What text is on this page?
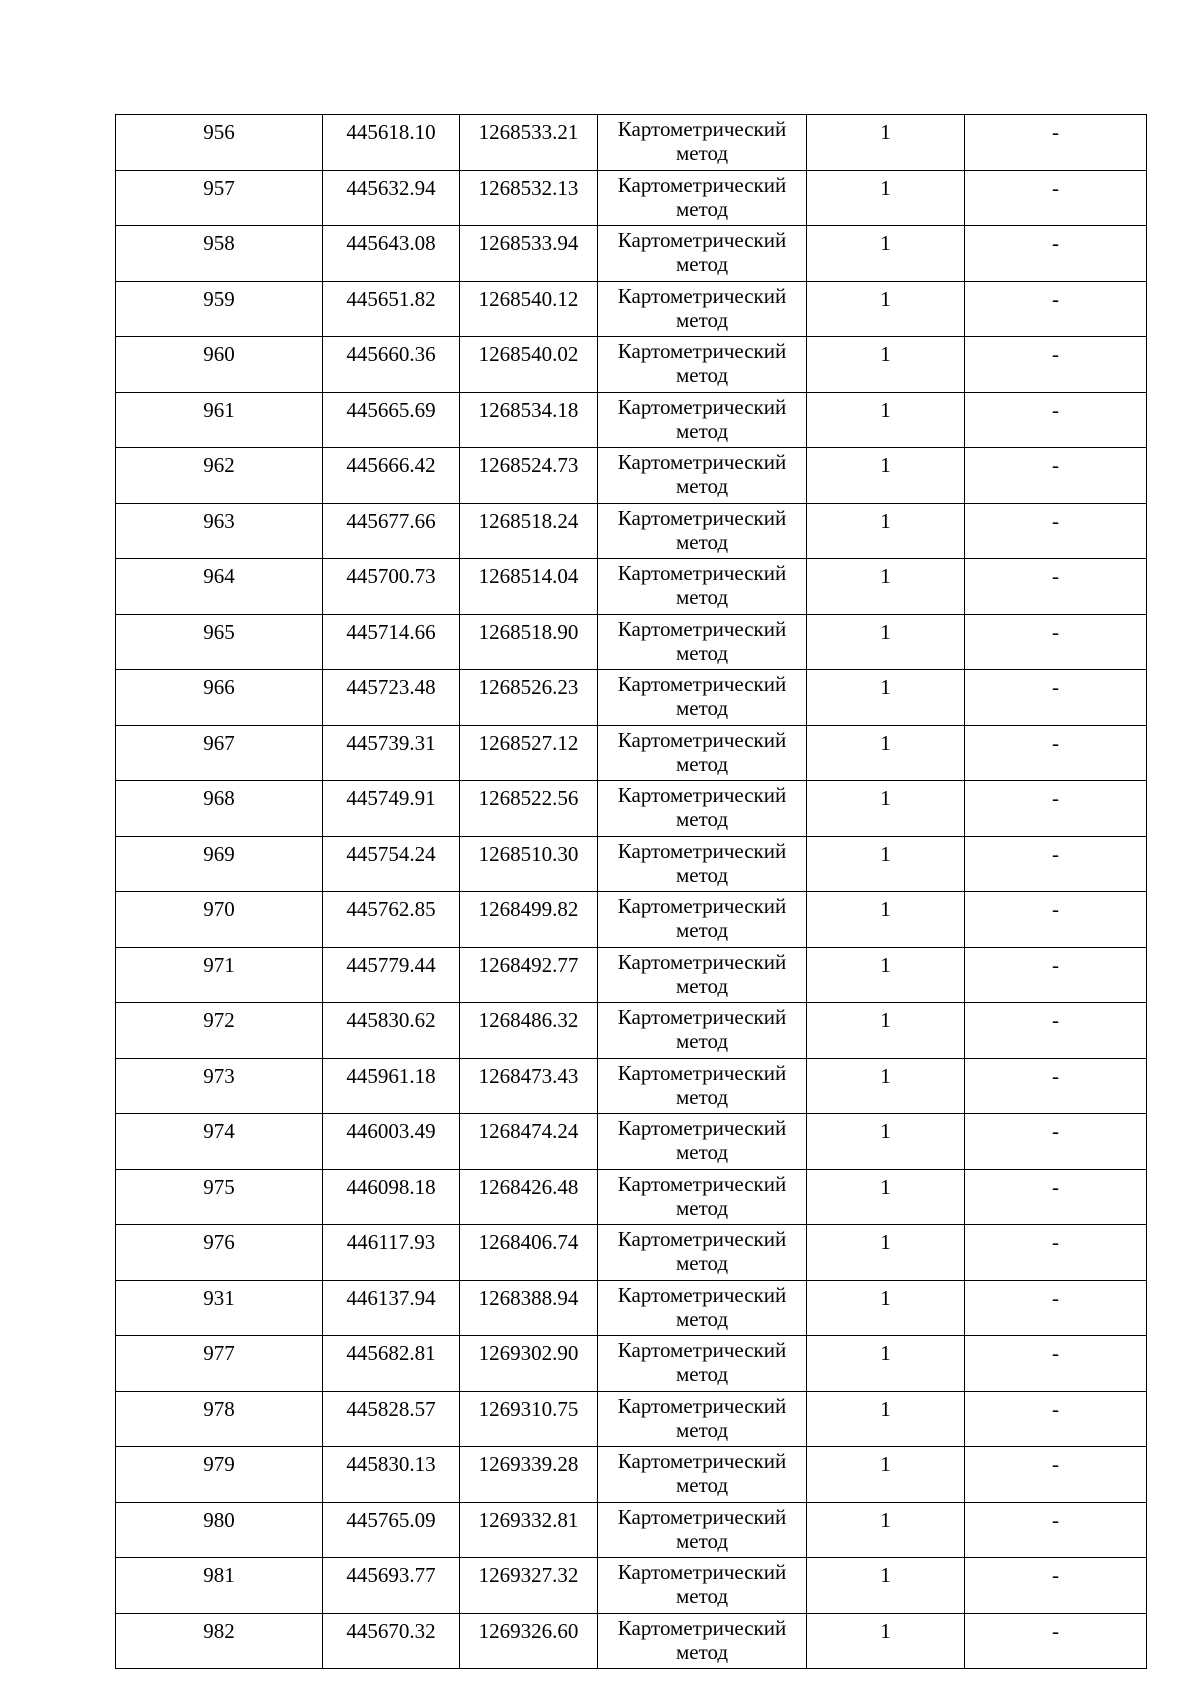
956	445618.10	1268533.21	Картометрический
метод	1	-
957	445632.94	1268532.13	Картометрический
метод	1	-
958	445643.08	1268533.94	Картометрический
метод	1	-
959	445651.82	1268540.12	Картометрический
метод	1	-
960	445660.36	1268540.02	Картометрический
метод	1	-
961	445665.69	1268534.18	Картометрический
метод	1	-
962	445666.42	1268524.73	Картометрический
метод	1	-
963	445677.66	1268518.24	Картометрический
метод	1	-
964	445700.73	1268514.04	Картометрический
метод	1	-
965	445714.66	1268518.90	Картометрический
метод	1	-
966	445723.48	1268526.23	Картометрический
метод	1	-
967	445739.31	1268527.12	Картометрический
метод	1	-
968	445749.91	1268522.56	Картометрический
метод	1	-
969	445754.24	1268510.30	Картометрический
метод	1	-
970	445762.85	1268499.82	Картометрический
метод	1	-
971	445779.44	1268492.77	Картометрический
метод	1	-
972	445830.62	1268486.32	Картометрический
метод	1	-
973	445961.18	1268473.43	Картометрический
метод	1	-
974	446003.49	1268474.24	Картометрический
метод	1	-
975	446098.18	1268426.48	Картометрический
метод	1	-
976	446117.93	1268406.74	Картометрический
метод	1	-
931	446137.94	1268388.94	Картометрический
метод	1	-
977	445682.81	1269302.90	Картометрический
метод	1	-
978	445828.57	1269310.75	Картометрический
метод	1	-
979	445830.13	1269339.28	Картометрический
метод	1	-
980	445765.09	1269332.81	Картометрический
метод	1	-
981	445693.77	1269327.32	Картометрический
метод	1	-
982	445670.32	1269326.60	Картометрический
метод	1	-
